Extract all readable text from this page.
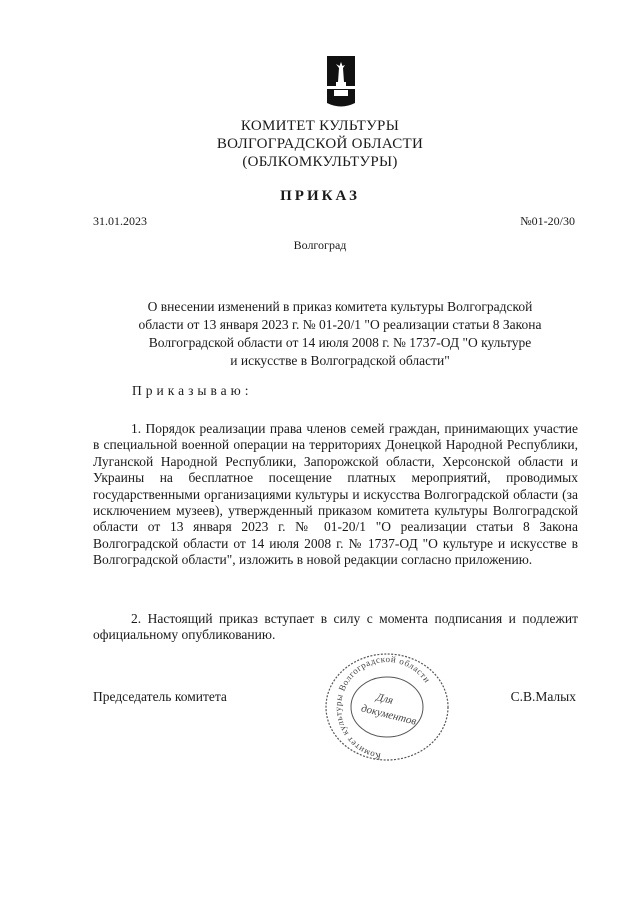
КОМИТЕТ КУЛЬТУРЫ
ВОЛГОГРАДСКОЙ ОБЛАСТИ
(ОБЛКОМКУЛЬТУРЫ)
ПРИКАЗ
31.01.2023	№01-20/30
Волгоград
О внесении изменений в приказ комитета культуры Волгоградской
области от 13 января 2023 г. № 01-20/1 "О реализации статьи 8 Закона
Волгоградской области от 14 июля 2008 г. № 1737-ОД "О культуре
и искусстве в Волгоградской области"
Приказываю:

1. Порядок реализации права членов семей граждан, принимающих участие в специальной военной операции на территориях Донецкой Народной Республики, Луганской Народной Республики, Запорожской области, Херсонской области и Украины на бесплатное посещение платных мероприятий, проводимых государственными организациями культуры и искусства Волгоградской области (за исключением музеев), утвержденный приказом комитета культуры Волгоградской области от 13 января 2023 г. № 01-20/1 "О реализации статьи 8 Закона Волгоградской области от 14 июля 2008 г. № 1737-ОД "О культуре и искусстве в Волгоградской области", изложить в новой редакции согласно приложению.

2. Настоящий приказ вступает в силу с момента подписания и подлежит официальному опубликованию.

Председатель комитета	С.В.Малых
Комитет культуры Волгоградской области
Для
документов
